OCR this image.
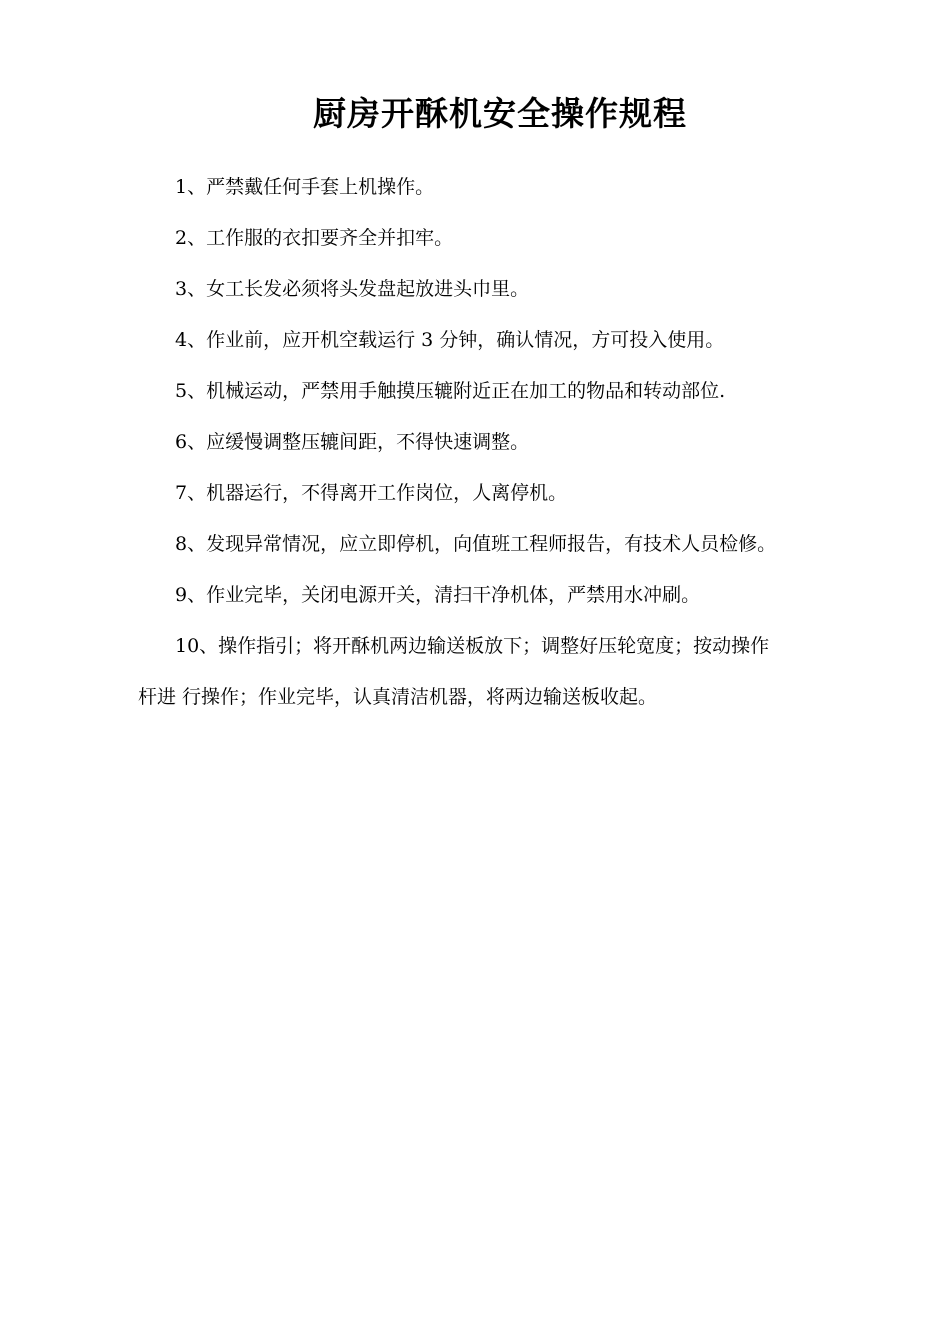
厨房开酥机安全操作规程
1、严禁戴任何手套上机操作。
2、工作服的衣扣要齐全并扣牢。
3、女工长发必须将头发盘起放进头巾里。
4、作业前，应开机空载运行 3 分钟，确认情况，方可投入使用。
5、机械运动，严禁用手触摸压辘附近正在加工的物品和转动部位.
6、应缓慢调整压辘间距，不得快速调整。
7、机器运行，不得离开工作岗位，人离停机。
8、发现异常情况，应立即停机，向值班工程师报告，有技术人员检修。
9、作业完毕，关闭电源开关，清扫干净机体，严禁用水冲刷。
10、操作指引；将开酥机两边输送板放下；调整好压轮宽度；按动操作
杆进 行操作；作业完毕，认真清洁机器，将两边输送板收起。
